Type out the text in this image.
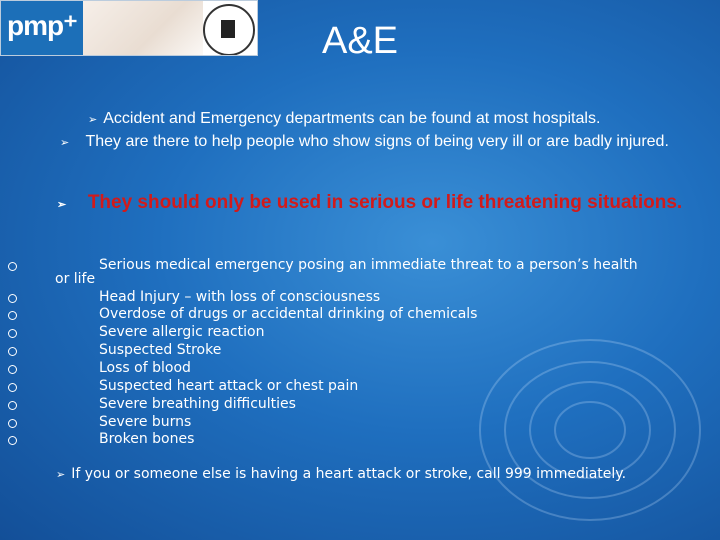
pmp⁺	A&E
➢ Accident and Emergency departments can be found at most hospitals.
➢ They are there to help people who show signs of being very ill or are badly injured.
➢ They should only be used in serious or life threatening situations.
Serious medical emergency posing an immediate threat to a person’s health
or life
Head Injury – with loss of consciousness
Overdose of drugs or accidental drinking of chemicals
Severe allergic reaction
Suspected Stroke
Loss of blood
Suspected heart attack or chest pain
Severe breathing difficulties
Severe burns
Broken bones
➢ If you or someone else is having a heart attack or stroke, call 999 immediately.
